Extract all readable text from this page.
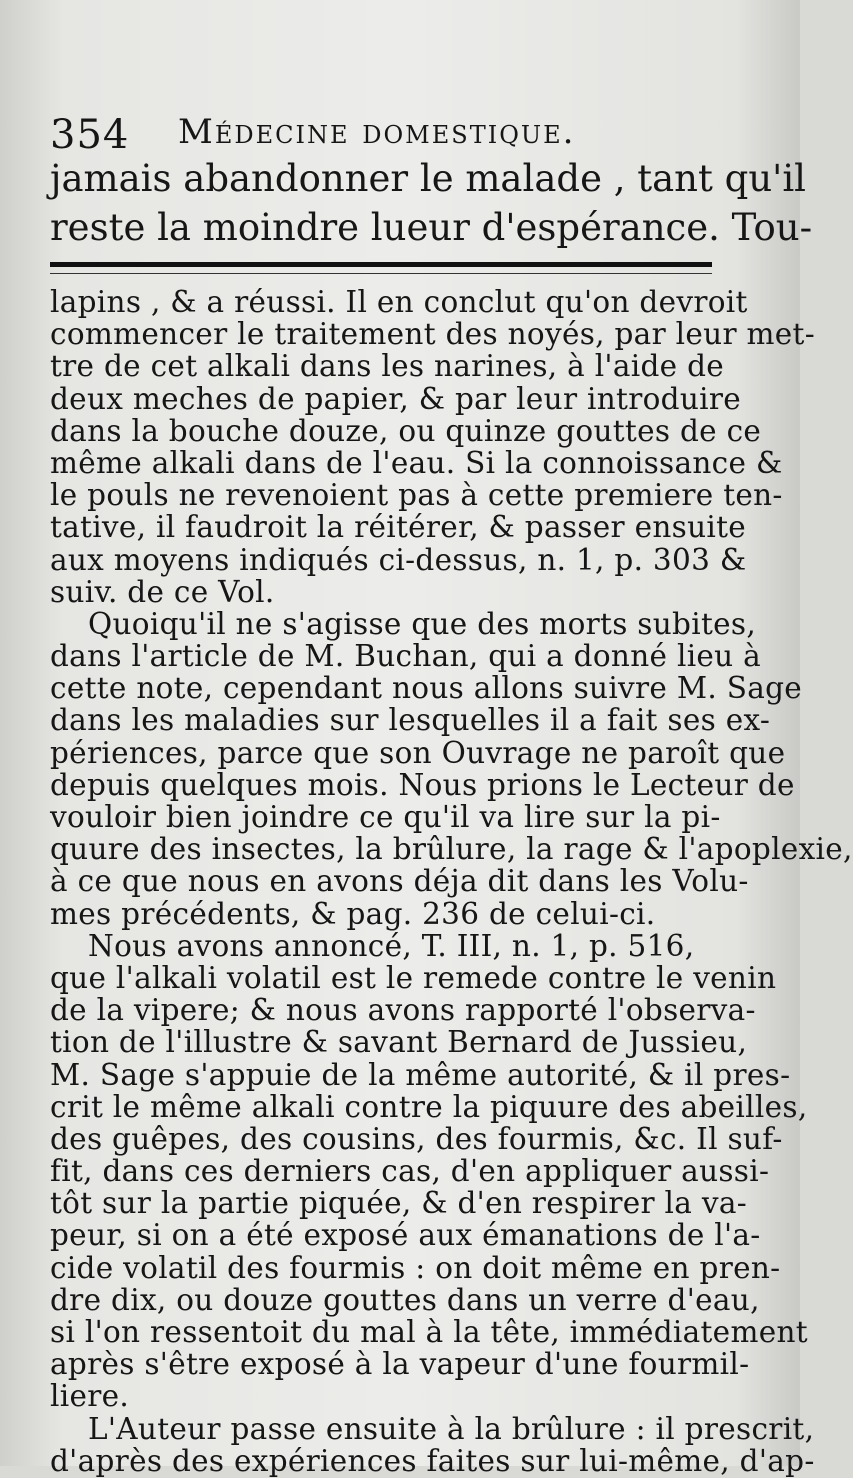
354 Médecine domestique.
jamais abandonner le malade , tant qu'il
reste la moindre lueur d'espérance. Tou-
lapins , & a réussi. Il en conclut qu'on devroit
commencer le traitement des noyés, par leur met-
tre de cet alkali dans les narines, à l'aide de
deux meches de papier, & par leur introduire
dans la bouche douze, ou quinze gouttes de ce
même alkali dans de l'eau. Si la connoissance &
le pouls ne revenoient pas à cette premiere ten-
tative, il faudroit la réitérer, & passer ensuite
aux moyens indiqués ci-dessus, n. 1, p. 303 &
suiv. de ce Vol.
Quoiqu'il ne s'agisse que des morts subites,
dans l'article de M. Buchan, qui a donné lieu à
cette note, cependant nous allons suivre M. Sage
dans les maladies sur lesquelles il a fait ses ex-
périences, parce que son Ouvrage ne paroît que
depuis quelques mois. Nous prions le Lecteur de
vouloir bien joindre ce qu'il va lire sur la pi-
quure des insectes, la brûlure, la rage & l'apoplexie,
à ce que nous en avons déja dit dans les Volu-
mes précédents, & pag. 236 de celui-ci.
Nous avons annoncé, T. III, n. 1, p. 516,
que l'alkali volatil est le remede contre le venin
de la vipere; & nous avons rapporté l'observa-
tion de l'illustre & savant Bernard de Jussieu,
M. Sage s'appuie de la même autorité, & il pres-
crit le même alkali contre la piquure des abeilles,
des guêpes, des cousins, des fourmis, &c. Il suf-
fit, dans ces derniers cas, d'en appliquer aussi-
tôt sur la partie piquée, & d'en respirer la va-
peur, si on a été exposé aux émanations de l'a-
cide volatil des fourmis : on doit même en pren-
dre dix, ou douze gouttes dans un verre d'eau,
si l'on ressentoit du mal à la tête, immédiatement
après s'être exposé à la vapeur d'une fourmil-
liere.
L'Auteur passe ensuite à la brûlure : il prescrit,
d'après des expériences faites sur lui-même, d'ap-
